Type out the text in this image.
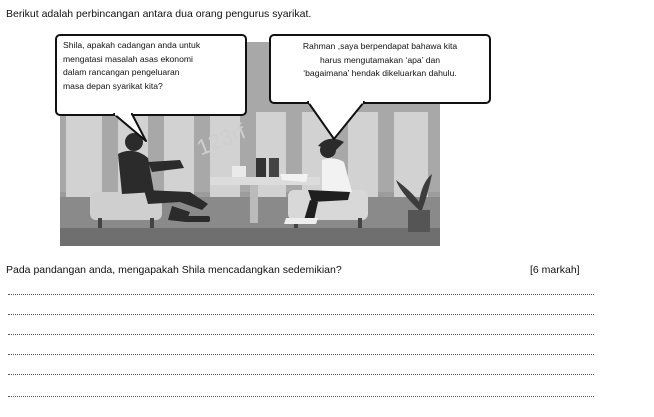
Berikut adalah perbincangan antara dua orang pengurus syarikat.
123rf
Shila, apakah cadangan anda untuk
mengatasi masalah asas ekonomi
dalam rancangan pengeluaran
masa depan syarikat kita?
Rahman ,saya berpendapat bahawa kita
harus mengutamakan ‘apa’ dan
‘bagaimana’ hendak dikeluarkan dahulu.
Pada pandangan anda, mengapakah Shila mencadangkan sedemikian?	[6 markah]
